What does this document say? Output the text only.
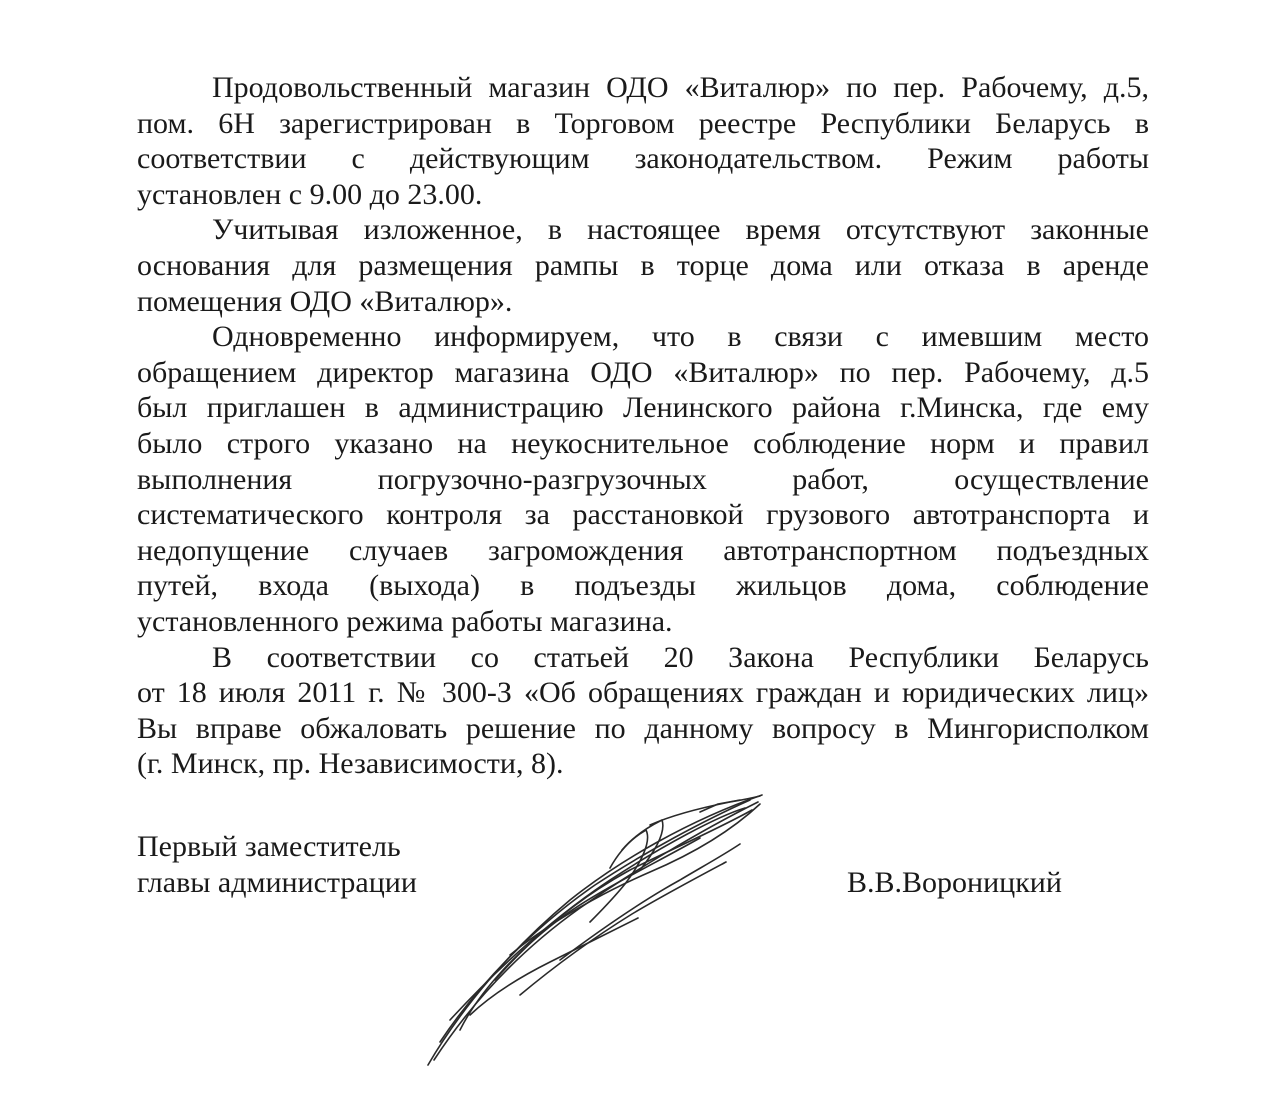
Продовольственный магазин ОДО «Виталюр» по пер. Рабочему, д.5,
пом. 6Н зарегистрирован в Торговом реестре Республики Беларусь в
соответствии с действующим законодательством. Режим работы
установлен с 9.00 до 23.00.
Учитывая изложенное, в настоящее время отсутствуют законные
основания для размещения рампы в торце дома или отказа в аренде
помещения ОДО «Виталюр».
Одновременно информируем, что в связи с имевшим место
обращением директор магазина ОДО «Виталюр» по пер. Рабочему, д.5
был приглашен в администрацию Ленинского района г.Минска, где ему
было строго указано на неукоснительное соблюдение норм и правил
выполнения погрузочно-разгрузочных работ, осуществление
систематического контроля за расстановкой грузового автотранспорта и
недопущение случаев загромождения автотранспортном подъездных
путей, входа (выхода) в подъезды жильцов дома, соблюдение
установленного режима работы магазина.
В соответствии со статьей 20 Закона Республики Беларусь
от 18 июля 2011 г. № 300-З «Об обращениях граждан и юридических лиц»
Вы вправе обжаловать решение по данному вопросу в Мингорисполком
(г. Минск, пр. Независимости, 8).
Первый заместитель
главы администрации	В.В.Вороницкий
